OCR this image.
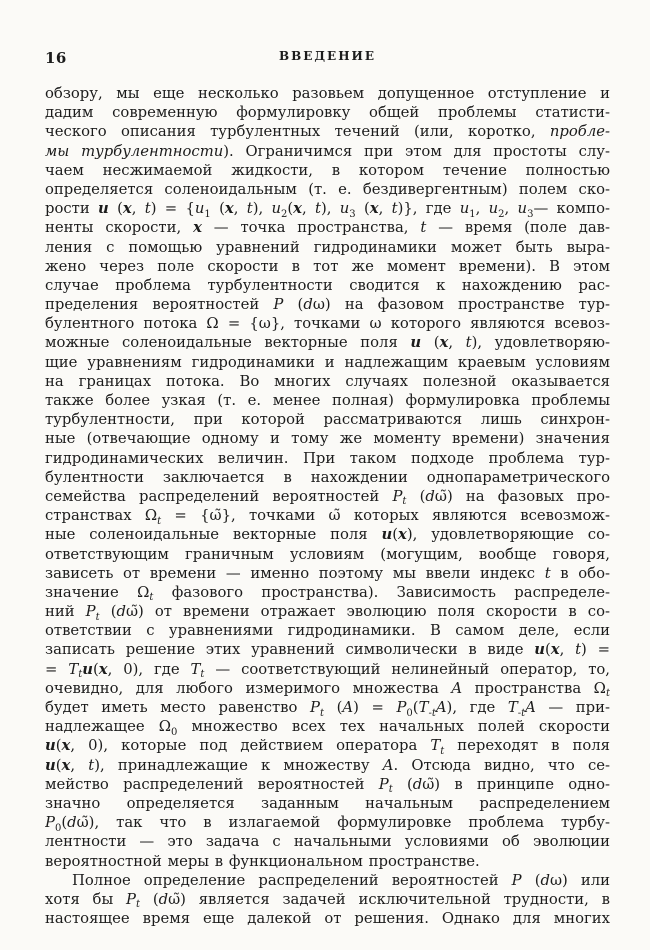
16	ВВЕДЕНИЕ
обзору, мы еще несколько разовьем допущенное отступление и
дадим современную формулировку общей проблемы статисти-
ческого описания турбулентных течений (или, коротко, пробле-
мы турбулентности). Ограничимся при этом для простоты слу-
чаем несжимаемой жидкости, в котором течение полностью
определяется соленоидальным (т. е. бездивергентным) полем ско-
рости u (x, $t) = \{u_1$ (x, t), $u_2(x$, t), $u_3$ (x, t)}, где $u_1$, $u_2$, $u_3—$ компо-
ненты скорости, x — точка пространства, t — время (поле дав-
ления с помощью уравнений гидродинамики может быть выра-
жено через поле скорости в тот же момент времени). В этом
случае проблема турбулентности сводится к нахождению рас-
пределения вероятностей P (dω) на фазовом пространстве тур-
булентного потока Ω = {ω}, точками ω которого являются всевоз-
можные соленоидальные векторные поля u (x, t), удовлетворяю-
щие уравнениям гидродинамики и надлежащим краевым условиям
на границах потока. Во многих случаях полезной оказывается
также более узкая (т. е. менее полная) формулировка проблемы
турбулентности, при которой рассматриваются лишь синхрон-
ные (отвечающие одному и тому же моменту времени) значения
гидродинамических величин. При таком подходе проблема тур-
булентности заключается в нахождении однопараметрического
семейства распределений вероятностей $P_t$ (dω̃) на фазовых про-
странствах $\Omega_t$ = {ω̃}, точками ω̃ которых являются всевозмож-
ные соленоидальные векторные поля u(x), удовлетворяющие со-
ответствующим граничным условиям (могущим, вообще говоря,
зависеть от времени — именно поэтому мы ввели индекс t в обо-
значение $\Omega_t$ фазового пространства). Зависимость распределе-
ний $P_t$ (dω̃) от времени отражает эволюцию поля скорости в со-
ответствии с уравнениями гидродинамики. В самом деле, если
записать решение этих уравнений символически в виде u(x, t) =
= $T_tu(x$, 0), где $T_t$ — соответствующий нелинейный оператор, то,
очевидно, для любого измеримого множества A пространства $\Omega_t$
будет иметь место равенство $P_t$ $(A) = P_0(T_{-t}A)$, где $T_{-t}A$ — при-
надлежащее $\Omega_0$ множество всех тех начальных полей скорости
u(x, 0), которые под действием оператора $T_t$ переходят в поля
u(x, t), принадлежащие к множеству A. Отсюда видно, что се-
мейство распределений вероятностей $P_t$ (dω̃) в принципе одно-
значно определяется заданным начальным распределением
$P_0(d\omegã)$, так что в излагаемой формулировке проблема турбу-
лентности — это задача с начальными условиями об эволюции
вероятностной меры в функциональном пространстве.
Полное определение распределений вероятностей P (dω) или
хотя бы $P_t$ (dω̃) является задачей исключительной трудности, в
настоящее время еще далекой от решения. Однако для многих
